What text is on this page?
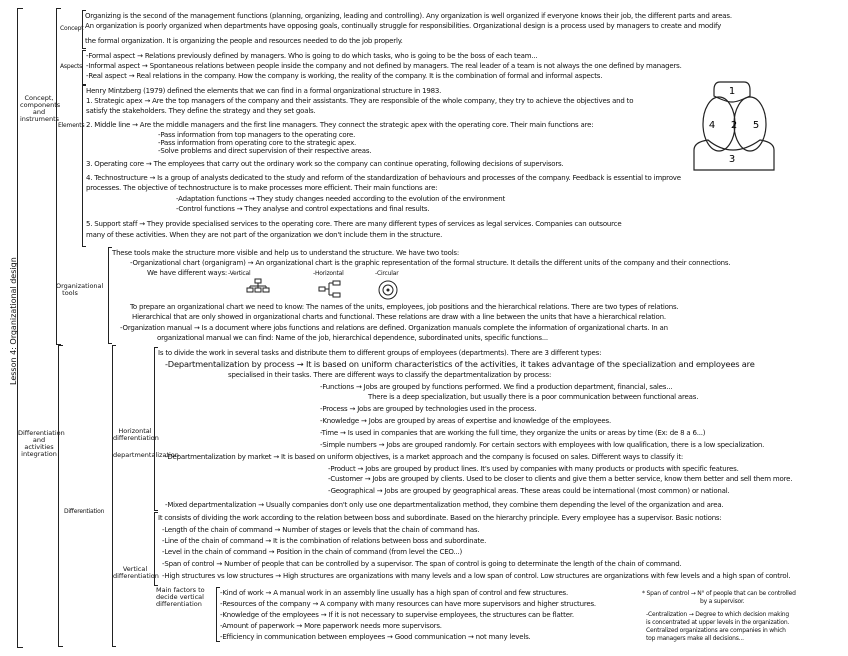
Lesson 4: Organizational design
Concept, components and instruments
Concept
Organizing is the second of the management functions (planning, organizing, leading and controlling). Any organization is well organized if everyone knows their job, the different parts and areas.
An organization is poorly organized when departments have opposing goals, continually struggle for responsibilities. Organizational design is a process used by managers to create and modify
the formal organization. It is organizing the people and resources needed to do the job properly.
Aspects
-Formal aspect → Relations previously defined by managers. Who is going to do which tasks, who is going to be the boss of each team...
-Informal aspect → Spontaneous relations between people inside the company and not defined by managers. The real leader of a team is not always the one defined by managers.
-Real aspect → Real relations in the company. How the company is working, the reality of the company. It is the combination of formal and informal aspects.
Elements
Henry Mintzberg (1979) defined the elements that we can find in a formal organizational structure in 1983.
1. Strategic apex → Are the top managers of the company and their assistants. They are responsible of the whole company, they try to achieve the objectives and to
satisfy the stakeholders. They define the strategy and they set goals.
2. Middle line → Are the middle managers and the first line managers. They connect the strategic apex with the operating core. Their main functions are:
-Pass information from top managers to the operating core.
-Pass information from operating core to the strategic apex.
-Solve problems and direct supervision of their respective areas.
3. Operating core → The employees that carry out the ordinary work so the company can continue operating, following decisions of supervisors.
4. Technostructure → Is a group of analysts dedicated to the study and reform of the standardization of behaviours and processes of the company. Feedback is essential to improve
processes. The objective of technostructure is to make processes more efficient. Their main functions are:
-Adaptation functions → They study changes needed according to the evolution of the environment
-Control functions → They analyse and control expectations and final results.
5. Support staff → They provide specialised services to the operating core. There are many different types of services as legal services. Companies can outsource
many of these activities. When they are not part of the organization we don't include them in the structure.
1
2
3
4	5
Organizational tools
These tools make the structure more visible and help us to understand the structure. We have two tools:
-Organizational chart (organigram) → An organizational chart is the graphic representation of the formal structure. It details the different units of the company and their connections.
We have different ways: -Vertical	-Horizontal	-Circular
To prepare an organizational chart we need to know: The names of the units, employees, job positions and the hierarchical relations. There are two types of relations.
Hierarchical that are only showed in organizational charts and functional. These relations are draw with a line between the units that have a hierarchical relation.
-Organization manual → Is a document where jobs functions and relations are defined. Organization manuals complete the information of organizational charts. In an
organizational manual we can find: Name of the job, hierarchical dependence, subordinated units, specific functions...
Differentiation and activities integration
Differentiation
Horizontal differentiation
departmentalization
Is to divide the work in several tasks and distribute them to different groups of employees (departments). There are 3 different types:
-Departmentalization by process → It is based on uniform characteristics of the activities, it takes advantage of the specialization and employees are
specialised in their tasks. There are different ways to classify the departmentalization by process:
-Functions → Jobs are grouped by functions performed. We find a production department, financial, sales...
There is a deep specialization, but usually there is a poor communication between functional areas.
-Process → Jobs are grouped by technologies used in the process.
-Knowledge → Jobs are grouped by areas of expertise and knowledge of the employees.
-Time → Is used in companies that are working the full time, they organize the units or areas by time (Ex: de 8 a 6...)
-Simple numbers → Jobs are grouped randomly. For certain sectors with employees with low qualification, there is a low specialization.
-Departmentalization by market → It is based on uniform objectives, is a market approach and the company is focused on sales. Different ways to classify it:
-Product → Jobs are grouped by product lines. It's used by companies with many products or products with specific features.
-Customer → Jobs are grouped by clients. Used to be closer to clients and give them a better service, know them better and sell them more.
-Geographical → Jobs are grouped by geographical areas. These areas could be international (most common) or national.
-Mixed departmentalization → Usually companies don't only use one departmentalization method, they combine them depending the level of the organization and area.
Vertical differentiation
It consists of dividing the work according to the relation between boss and subordinate. Based on the hierarchy principle. Every employee has a supervisor. Basic notions:
-Length of the chain of command → Number of stages or levels that the chain of command has.
-Line of the chain of command → It is the combination of relations between boss and subordinate.
-Level in the chain of command → Position in the chain of command (from level the CEO...)
-Span of control → Number of people that can be controlled by a supervisor. The span of control is going to determinate the length of the chain of command.
-High structures vs low structures → High structures are organizations with many levels and a low span of control. Low structures are organizations with few levels and a high span of control.
Main factors to decide vertical differentiation
-Kind of work → A manual work in an assembly line usually has a high span of control and few structures.
-Resources of the company → A company with many resources can have more supervisors and higher structures.
-Knowledge of the employees → If it is not necessary to supervise employees, the structures can be flatter.
-Amount of paperwork → More paperwork needs more supervisors.
-Efficiency in communication between employees → Good communication → not many levels.
* Span of control → N° of people that can be controlled
by a supervisor.
-Centralization → Degree to which decision making
is concentrated at upper levels in the organization.
Centralized organizations are companies in which
top managers make all decisions...
